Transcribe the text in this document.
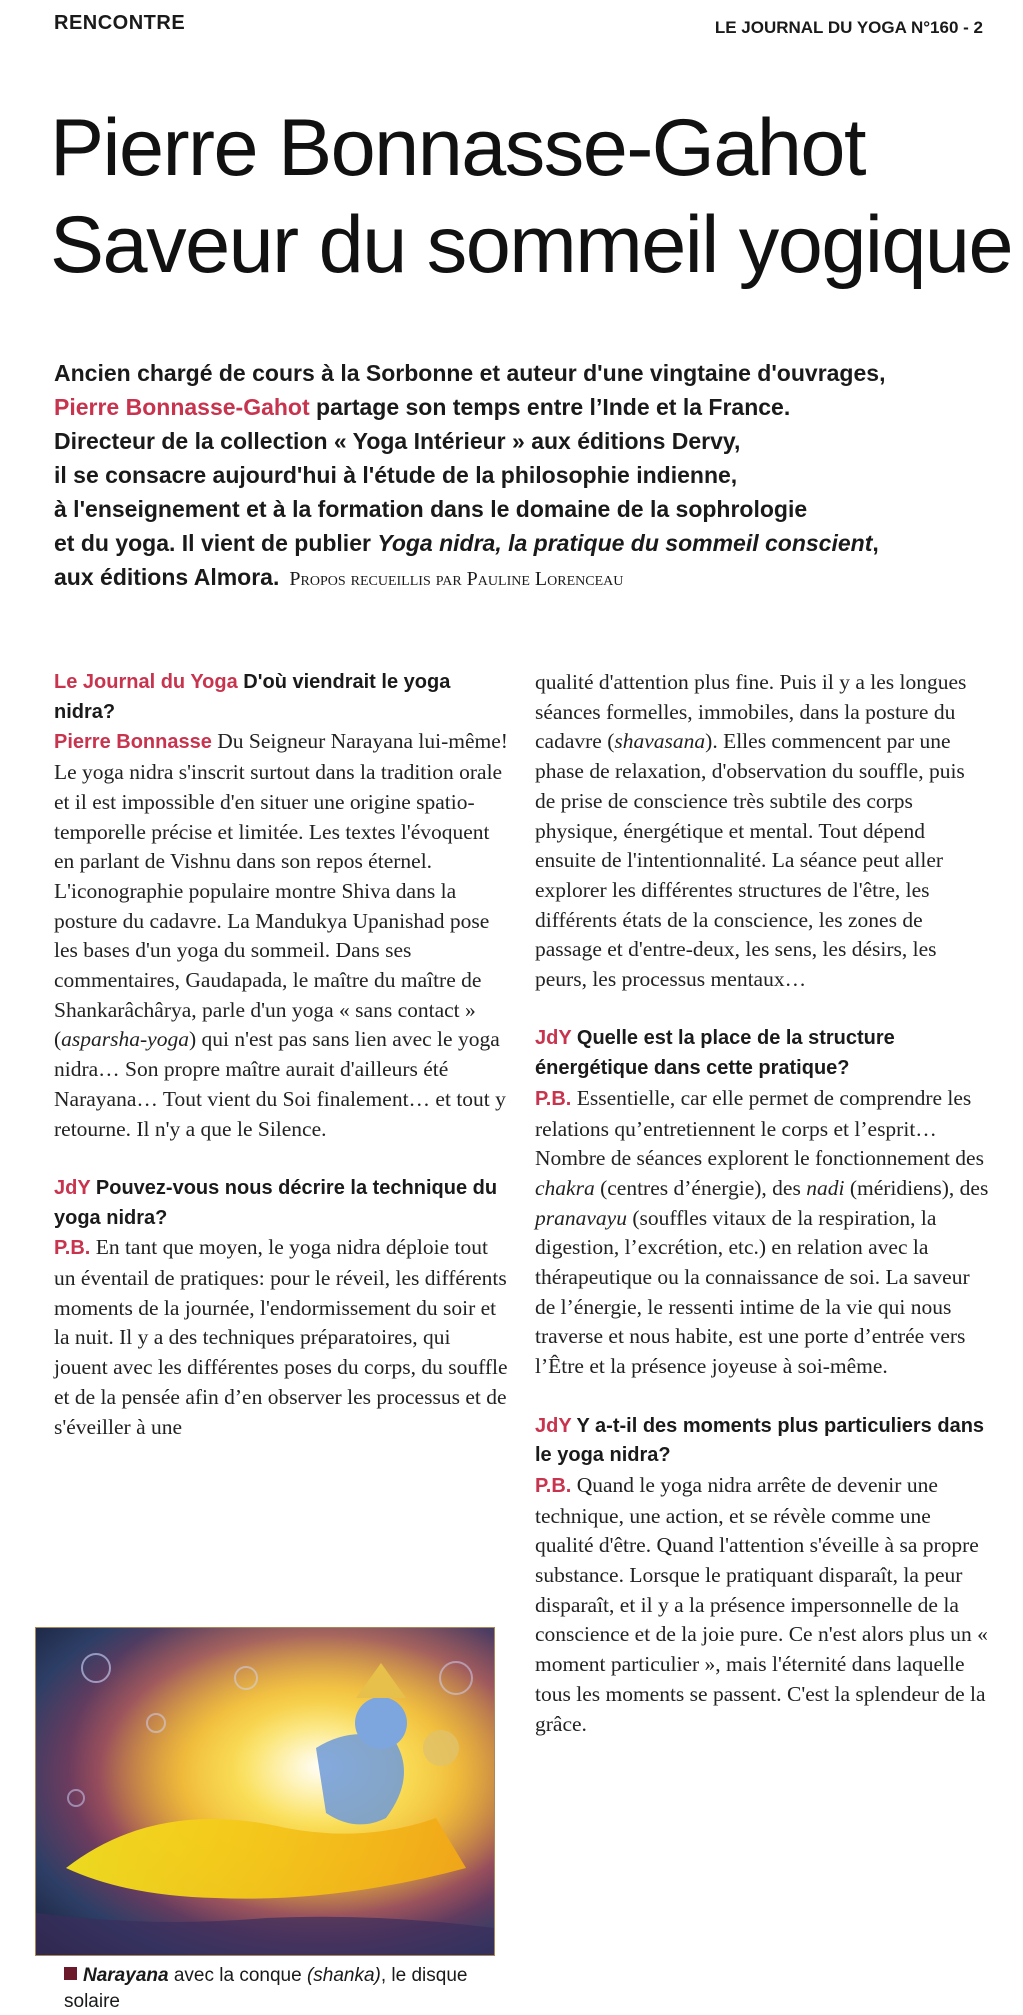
RENCONTRE	LE JOURNAL DU YOGA N°160 - 2
Pierre Bonnasse-Gahot
Saveur du sommeil yogique
Ancien chargé de cours à la Sorbonne et auteur d'une vingtaine d'ouvrages,
Pierre Bonnasse-Gahot partage son temps entre l’Inde et la France.
Directeur de la collection « Yoga Intérieur » aux éditions Dervy,
il se consacre aujourd'hui à l'étude de la philosophie indienne,
à l'enseignement et à la formation dans le domaine de la sophrologie
et du yoga. Il vient de publier Yoga nidra, la pratique du sommeil conscient,
aux éditions Almora. Propos recueillis par Pauline Lorenceau

Le Journal du Yoga D'où viendrait le yoga nidra?

Pierre Bonnasse Du Seigneur Narayana lui-même! Le yoga nidra s'inscrit surtout dans la tradition orale et il est impossible d'en situer une origine spatio-temporelle précise et limitée. Les textes l'évoquent en parlant de Vishnu dans son repos éternel. L'iconographie populaire montre Shiva dans la posture du cadavre. La Mandukya Upanishad pose les bases d'un yoga du sommeil. Dans ses commentaires, Gaudapada, le maître du maître de Shankarâchârya, parle d'un yoga « sans contact » (asparsha-yoga) qui n'est pas sans lien avec le yoga nidra… Son propre maître aurait d'ailleurs été Narayana… Tout vient du Soi finalement… et tout y retourne. Il n'y a que le Silence.

JdY Pouvez-vous nous décrire la technique du yoga nidra?

P.B. En tant que moyen, le yoga nidra déploie tout un éventail de pratiques: pour le réveil, les différents moments de la journée, l'endormissement du soir et la nuit. Il y a des techniques préparatoires, qui jouent avec les différentes poses du corps, du souffle et de la pensée afin d’en observer les processus et de s'éveiller à une

qualité d'attention plus fine. Puis il y a les longues séances formelles, immobiles, dans la posture du cadavre (shavasana). Elles commencent par une phase de relaxation, d'observation du souffle, puis de prise de conscience très subtile des corps physique, énergétique et mental. Tout dépend ensuite de l'intentionnalité. La séance peut aller explorer les différentes structures de l'être, les différents états de la conscience, les zones de passage et d'entre-deux, les sens, les désirs, les peurs, les processus mentaux…

JdY Quelle est la place de la structure énergétique dans cette pratique?

P.B. Essentielle, car elle permet de comprendre les relations qu’entretiennent le corps et l’esprit… Nombre de séances explorent le fonctionnement des chakra (centres d’énergie), des nadi (méridiens), des pranavayu (souffles vitaux de la respiration, la digestion, l’excrétion, etc.) en relation avec la thérapeutique ou la connaissance de soi. La saveur de l’énergie, le ressenti intime de la vie qui nous traverse et nous habite, est une porte d’entrée vers l’Être et la présence joyeuse à soi-même.

JdY Y a-t-il des moments plus particuliers dans le yoga nidra?

P.B. Quand le yoga nidra arrête de devenir une technique, une action, et se révèle comme une qualité d'être. Quand l'attention s'éveille à sa propre substance. Lorsque le pratiquant disparaît, la peur disparaît, et il y a la présence impersonnelle de la conscience et de la joie pure. Ce n'est alors plus un « moment particulier », mais l'éternité dans laquelle tous les moments se passent. C'est la splendeur de la grâce.

Narayana avec la conque (shanka), le disque solaire
